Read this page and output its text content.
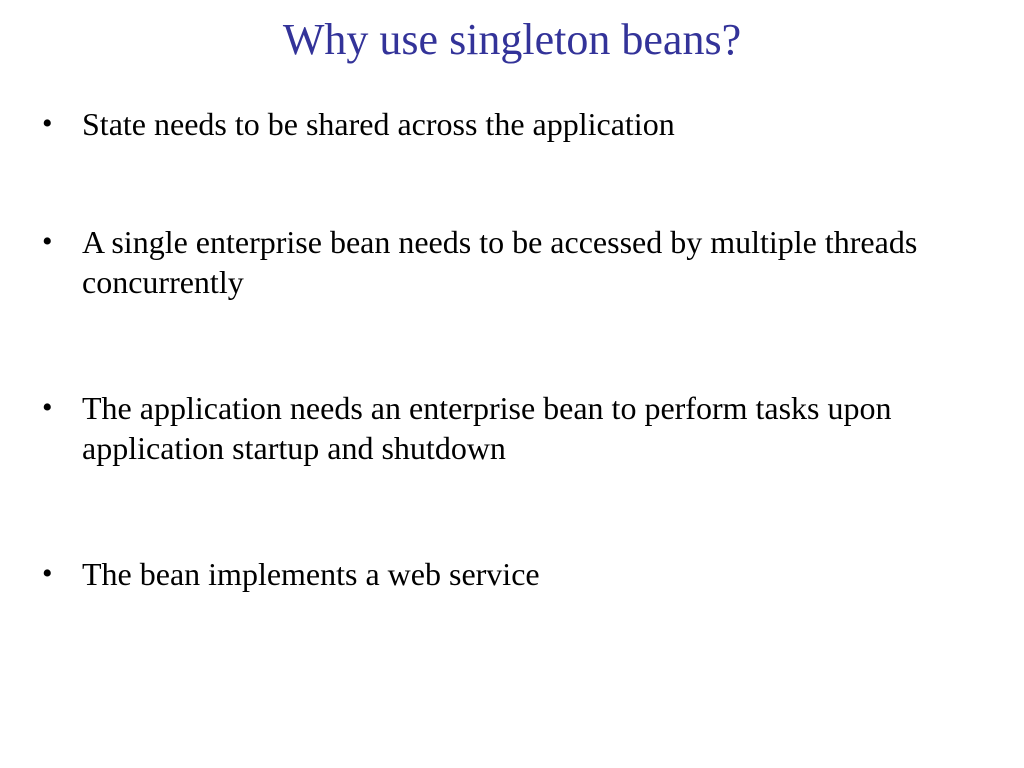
Why use singleton beans?
• State needs to be shared across the application
• A single enterprise bean needs to be accessed by multiple threads concurrently
• The application needs an enterprise bean to perform tasks upon application startup and shutdown
• The bean implements a web service
